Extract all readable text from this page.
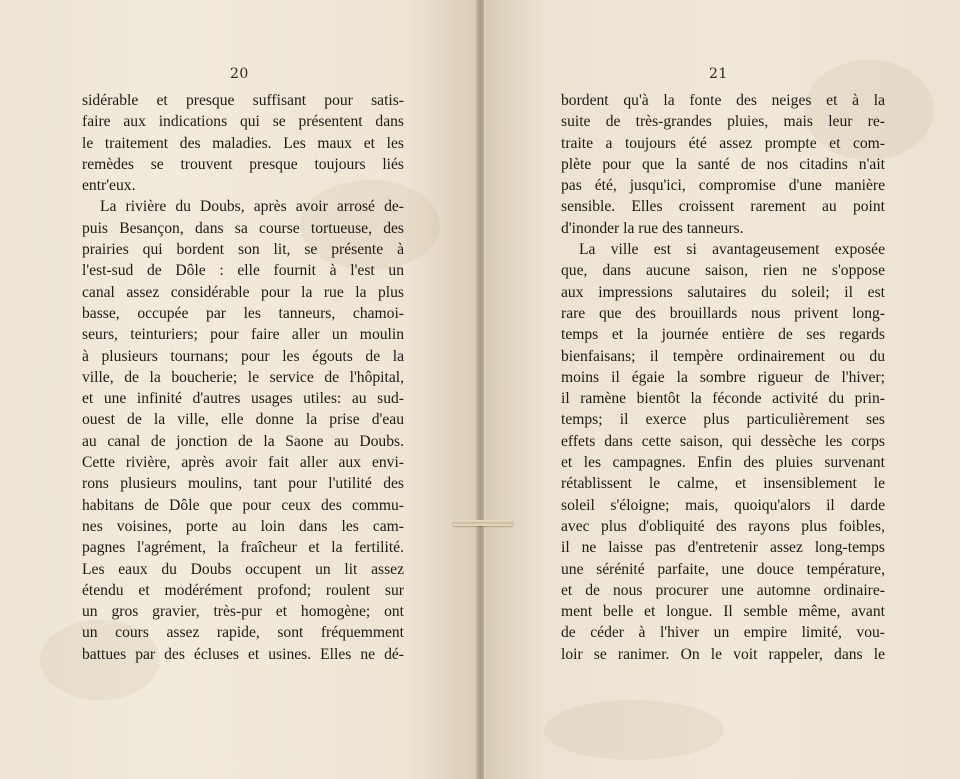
20
sidérable et presque suffisant pour satis-
faire aux indications qui se présentent dans
le traitement des maladies. Les maux et les
remèdes se trouvent presque toujours liés
entr'eux.
La rivière du Doubs, après avoir arrosé de-
puis Besançon, dans sa course tortueuse, des
prairies qui bordent son lit, se présente à
l'est-sud de Dôle : elle fournit à l'est un
canal assez considérable pour la rue la plus
basse, occupée par les tanneurs, chamoi-
seurs, teinturiers; pour faire aller un moulin
à plusieurs tournans; pour les égouts de la
ville, de la boucherie; le service de l'hôpital,
et une infinité d'autres usages utiles: au sud-
ouest de la ville, elle donne la prise d'eau
au canal de jonction de la Saone au Doubs.
Cette rivière, après avoir fait aller aux envi-
rons plusieurs moulins, tant pour l'utilité des
habitans de Dôle que pour ceux des commu-
nes voisines, porte au loin dans les cam-
pagnes l'agrément, la fraîcheur et la fertilité.
Les eaux du Doubs occupent un lit assez
étendu et modérément profond; roulent sur
un gros gravier, très-pur et homogène; ont
un cours assez rapide, sont fréquemment
battues par des écluses et usines. Elles ne dé-
21
bordent qu'à la fonte des neiges et à la
suite de très-grandes pluies, mais leur re-
traite a toujours été assez prompte et com-
plète pour que la santé de nos citadins n'ait
pas été, jusqu'ici, compromise d'une manière
sensible. Elles croissent rarement au point
d'inonder la rue des tanneurs.
La ville est si avantageusement exposée
que, dans aucune saison, rien ne s'oppose
aux impressions salutaires du soleil; il est
rare que des brouillards nous privent long-
temps et la journée entière de ses regards
bienfaisans; il tempère ordinairement ou du
moins il égaie la sombre rigueur de l'hiver;
il ramène bientôt la féconde activité du prin-
temps; il exerce plus particulièrement ses
effets dans cette saison, qui dessèche les corps
et les campagnes. Enfin des pluies survenant
rétablissent le calme, et insensiblement le
soleil s'éloigne; mais, quoiqu'alors il darde
avec plus d'obliquité des rayons plus foibles,
il ne laisse pas d'entretenir assez long-temps
une sérénité parfaite, une douce température,
et de nous procurer une automne ordinaire-
ment belle et longue. Il semble même, avant
de céder à l'hiver un empire limité, vou-
loir se ranimer. On le voit rappeler, dans le
